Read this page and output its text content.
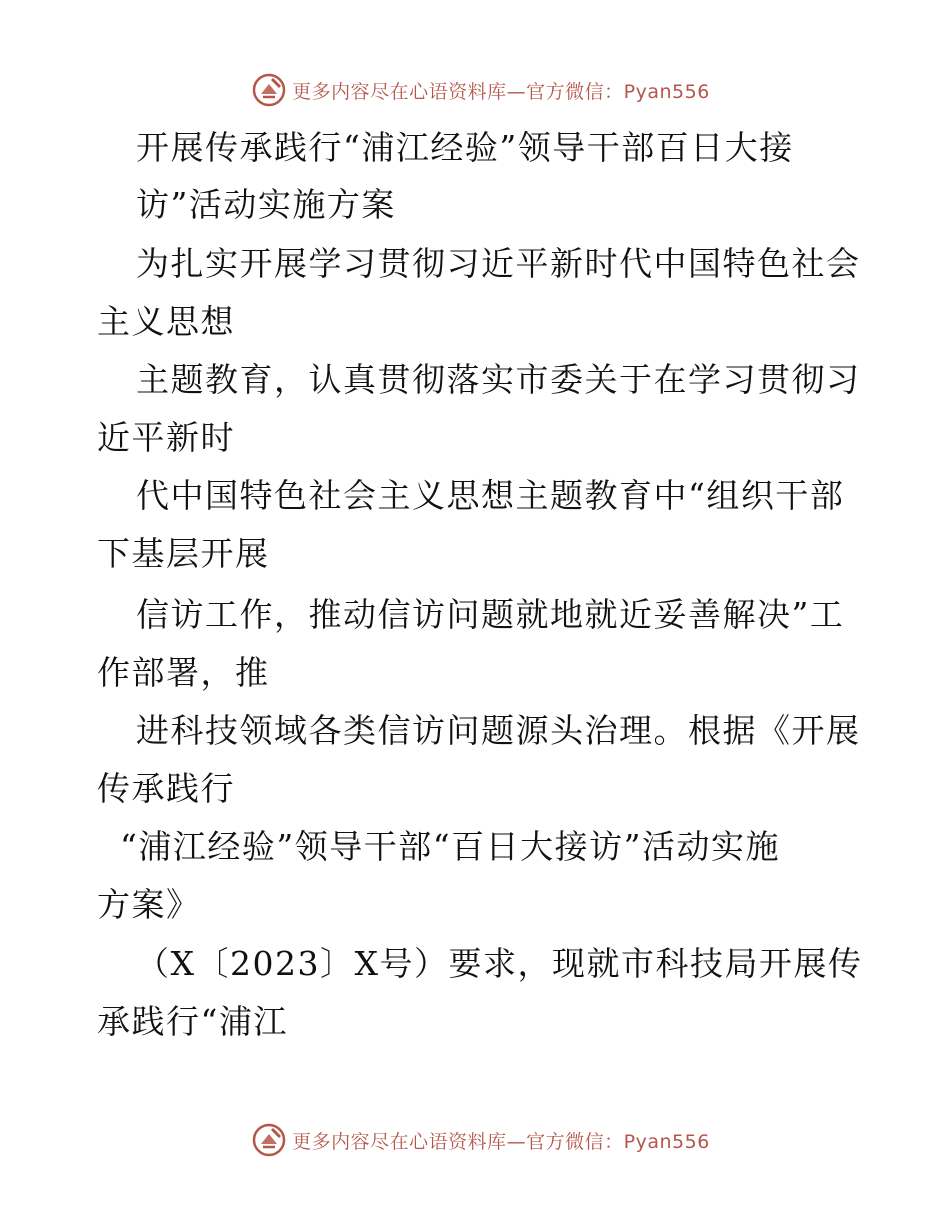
更多内容尽在心语资料库—官方微信：Pyan556
开展传承践行“浦江经验”领导干部百日大接
访”活动实施方案
为扎实开展学习贯彻习近平新时代中国特色社会
主义思想
主题教育，认真贯彻落实市委关于在学习贯彻习
近平新时
代中国特色社会主义思想主题教育中“组织干部
下基层开展
信访工作，推动信访问题就地就近妥善解决”工
作部署，推
进科技领域各类信访问题源头治理。根据《开展
传承践行
“浦江经验”领导干部“百日大接访”活动实施
方案》
（X〔2023〕X号）要求，现就市科技局开展传
承践行“浦江
更多内容尽在心语资料库—官方微信：Pyan556
